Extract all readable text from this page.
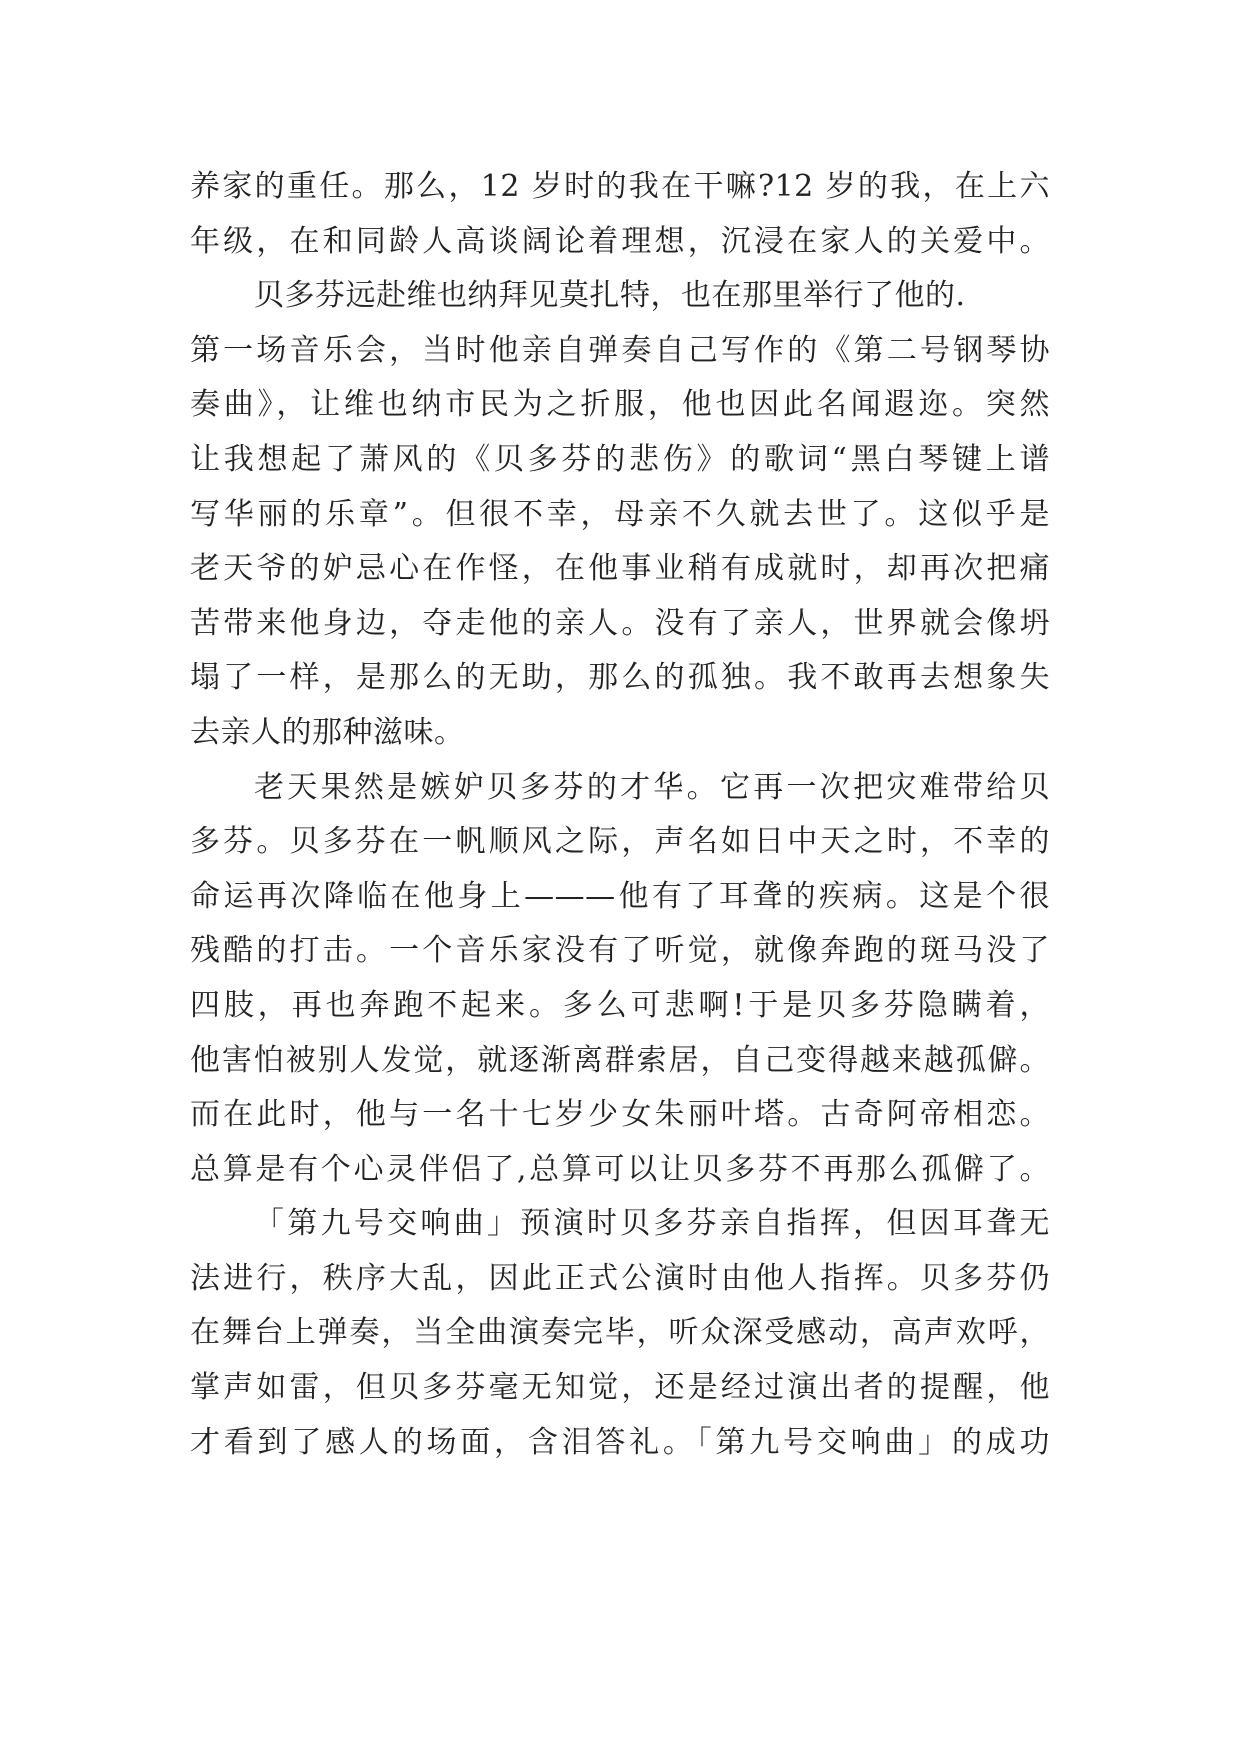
养家的重任。那么，12 岁时的我在干嘛?12 岁的我，在上六
年级，在和同龄人高谈阔论着理想，沉浸在家人的关爱中。
贝多芬远赴维也纳拜见莫扎特，也在那里举行了他的.
第一场音乐会，当时他亲自弹奏自己写作的《第二号钢琴协
奏曲》，让维也纳市民为之折服，他也因此名闻遐迩。突然
让我想起了萧风的《贝多芬的悲伤》的歌词“黑白琴键上谱
写华丽的乐章”。但很不幸，母亲不久就去世了。这似乎是
老天爷的妒忌心在作怪，在他事业稍有成就时，却再次把痛
苦带来他身边，夺走他的亲人。没有了亲人，世界就会像坍
塌了一样，是那么的无助，那么的孤独。我不敢再去想象失
去亲人的那种滋味。
老天果然是嫉妒贝多芬的才华。它再一次把灾难带给贝
多芬。贝多芬在一帆顺风之际，声名如日中天之时，不幸的
命运再次降临在他身上———他有了耳聋的疾病。这是个很
残酷的打击。一个音乐家没有了听觉，就像奔跑的斑马没了
四肢，再也奔跑不起来。多么可悲啊!于是贝多芬隐瞒着，
他害怕被别人发觉，就逐渐离群索居，自己变得越来越孤僻。
而在此时，他与一名十七岁少女朱丽叶塔。古奇阿帝相恋。
总算是有个心灵伴侣了,总算可以让贝多芬不再那么孤僻了。
「第九号交响曲」预演时贝多芬亲自指挥，但因耳聋无
法进行，秩序大乱，因此正式公演时由他人指挥。贝多芬仍
在舞台上弹奏，当全曲演奏完毕，听众深受感动，高声欢呼，
掌声如雷，但贝多芬毫无知觉，还是经过演出者的提醒，他
才看到了感人的场面，含泪答礼。「第九号交响曲」的成功
